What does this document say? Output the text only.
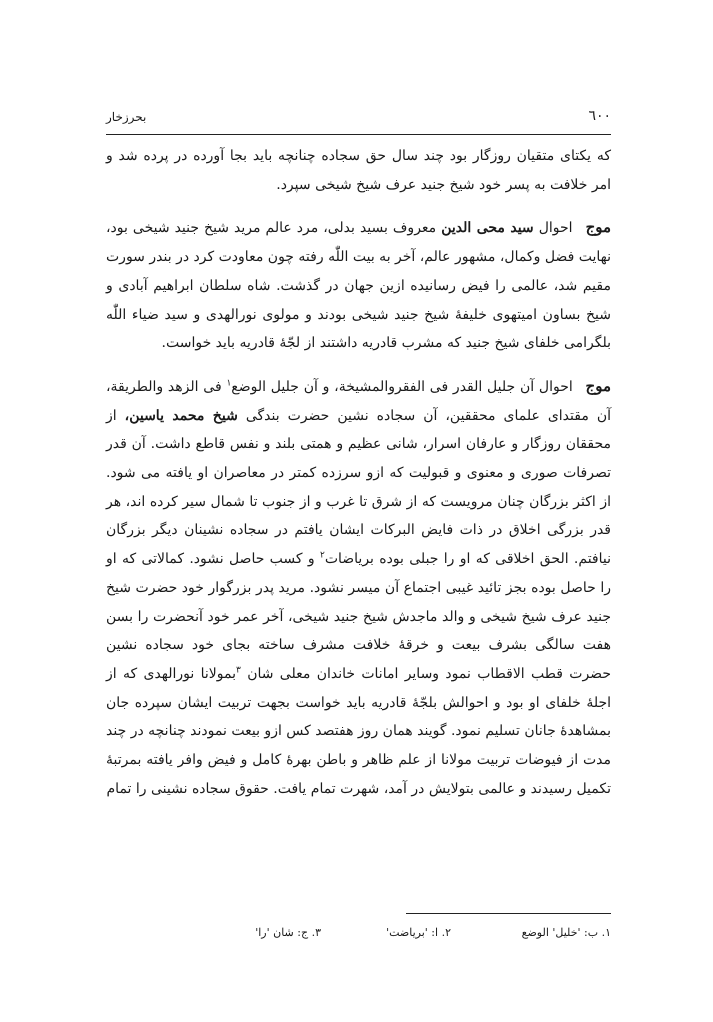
٦٠٠
بحرزخار

که یکتای متقیان روزگار بود چند سال حق سجاده چنانچه باید بجا آورده در پرده شد و امر خلافت به پسر خود شیخ جنید عرف شیخ شیخی سپرد.

موج احوال سید محی الدین معروف بسید بدلی، مرد عالم مرید شیخ جنید شیخی بود، نهایت فضل وکمال، مشهور عالم، آخر به بیت اللّٰه رفته چون معاودت کرد در بندر سورت مقیم شد، عالمی را فیض رسانیده ازین جهان در گذشت. شاه سلطان ابراهیم آبادی و شیخ بساون امیتهوی خلیفهٔ شیخ جنید شیخی بودند و مولوی نورالهدی و سید ضیاء اللّٰه بلگرامی خلفای شیخ جنید که مشرب قادریه داشتند از لجّهٔ قادریه باید خواست.

موج احوال آن جلیل القدر فی الفقروالمشیخة، و آن جلیل الوضع$^١$ فی الزهد والطریقة، آن مقتدای علمای محققین، آن سجاده نشین حضرت بندگی شیخ محمد یاسین، از محققان روزگار و عارفان اسرار، شانی عظیم و همتی بلند و نفس قاطع داشت. آن قدر تصرفات صوری و معنوی و قبولیت که ازو سرزده کمتر در معاصران او یافته می شود. از اکثر بزرگان چنان مرویست که از شرق تا غرب و از جنوب تا شمال سیر کرده اند، هر قدر بزرگی اخلاق در ذات فایض البرکات ایشان یافتم در سجاده نشینان دیگر بزرگان نیافتم. الحق اخلاقی که او را جبلی بوده برياضات$^٢$ و کسب حاصل نشود. کمالاتی که او را حاصل بوده بجز تائید غیبی اجتماع آن میسر نشود. مرید پدر بزرگوار خود حضرت شیخ جنید عرف شیخ شیخی و والد ماجدش شیخ جنید شیخی، آخر عمر خود آنحضرت را بسن هفت سالگی بشرف بیعت و خرقهٔ خلافت مشرف ساخته بجای خود سجاده نشین حضرت قطب الاقطاب نمود وسایر امانات خاندان معلی شان $^٣$بمولانا نورالهدی که از اجلهٔ خلفای او بود و احوالش بلجّهٔ قادریه باید خواست بجهت تربیت ایشان سپرده جان بمشاهدهٔ جانان تسلیم نمود. گویند همان روز هفتصد کس ازو بیعت نمودند چنانچه در چند مدت از فیوضات تربیت مولانا از علم ظاهر و باطن بهرهٔ کامل و فیض وافر یافته بمرتبهٔ تکمیل رسیدند و عالمی بتولایش در آمد، شهرت تمام یافت. حقوق سجاده نشینی را تمام

١. ب: 'خلیل' الوضع
٢. ا: 'برياضت'
٣. ج: شان 'را'
